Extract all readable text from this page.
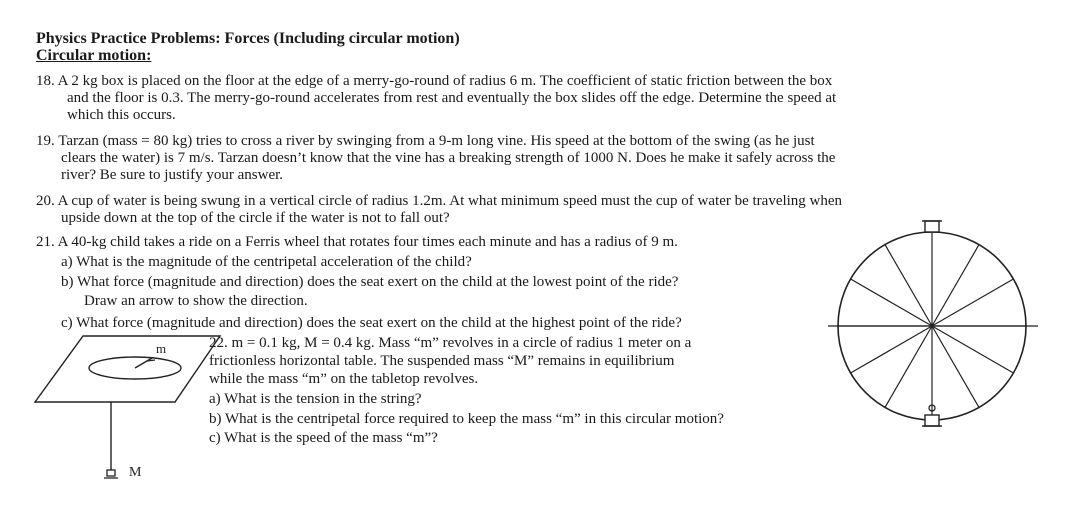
Physics Practice Problems: Forces (Including circular motion)
Circular motion:
18. A 2 kg box is placed on the floor at the edge of a merry-go-round of radius 6 m. The coefficient of static friction between the box
and the floor is 0.3. The merry-go-round accelerates from rest and eventually the box slides off the edge. Determine the speed at
which this occurs.
19. Tarzan (mass = 80 kg) tries to cross a river by swinging from a 9-m long vine. His speed at the bottom of the swing (as he just
clears the water) is 7 m/s. Tarzan doesn’t know that the vine has a breaking strength of 1000 N. Does he make it safely across the
river? Be sure to justify your answer.
20. A cup of water is being swung in a vertical circle of radius 1.2m. At what minimum speed must the cup of water be traveling when
upside down at the top of the circle if the water is not to fall out?
21. A 40-kg child takes a ride on a Ferris wheel that rotates four times each minute and has a radius of 9 m.
a) What is the magnitude of the centripetal acceleration of the child?
b) What force (magnitude and direction) does the seat exert on the child at the lowest point of the ride?
Draw an arrow to show the direction.
c) What force (magnitude and direction) does the seat exert on the child at the highest point of the ride?
22. m = 0.1 kg, M = 0.4 kg. Mass “m” revolves in a circle of radius 1 meter on a
frictionless horizontal table. The suspended mass “M” remains in equilibrium
while the mass “m” on the tabletop revolves.
a) What is the tension in the string?
b) What is the centripetal force required to keep the mass “m” in this circular motion?
c) What is the speed of the mass “m”?
m
M
